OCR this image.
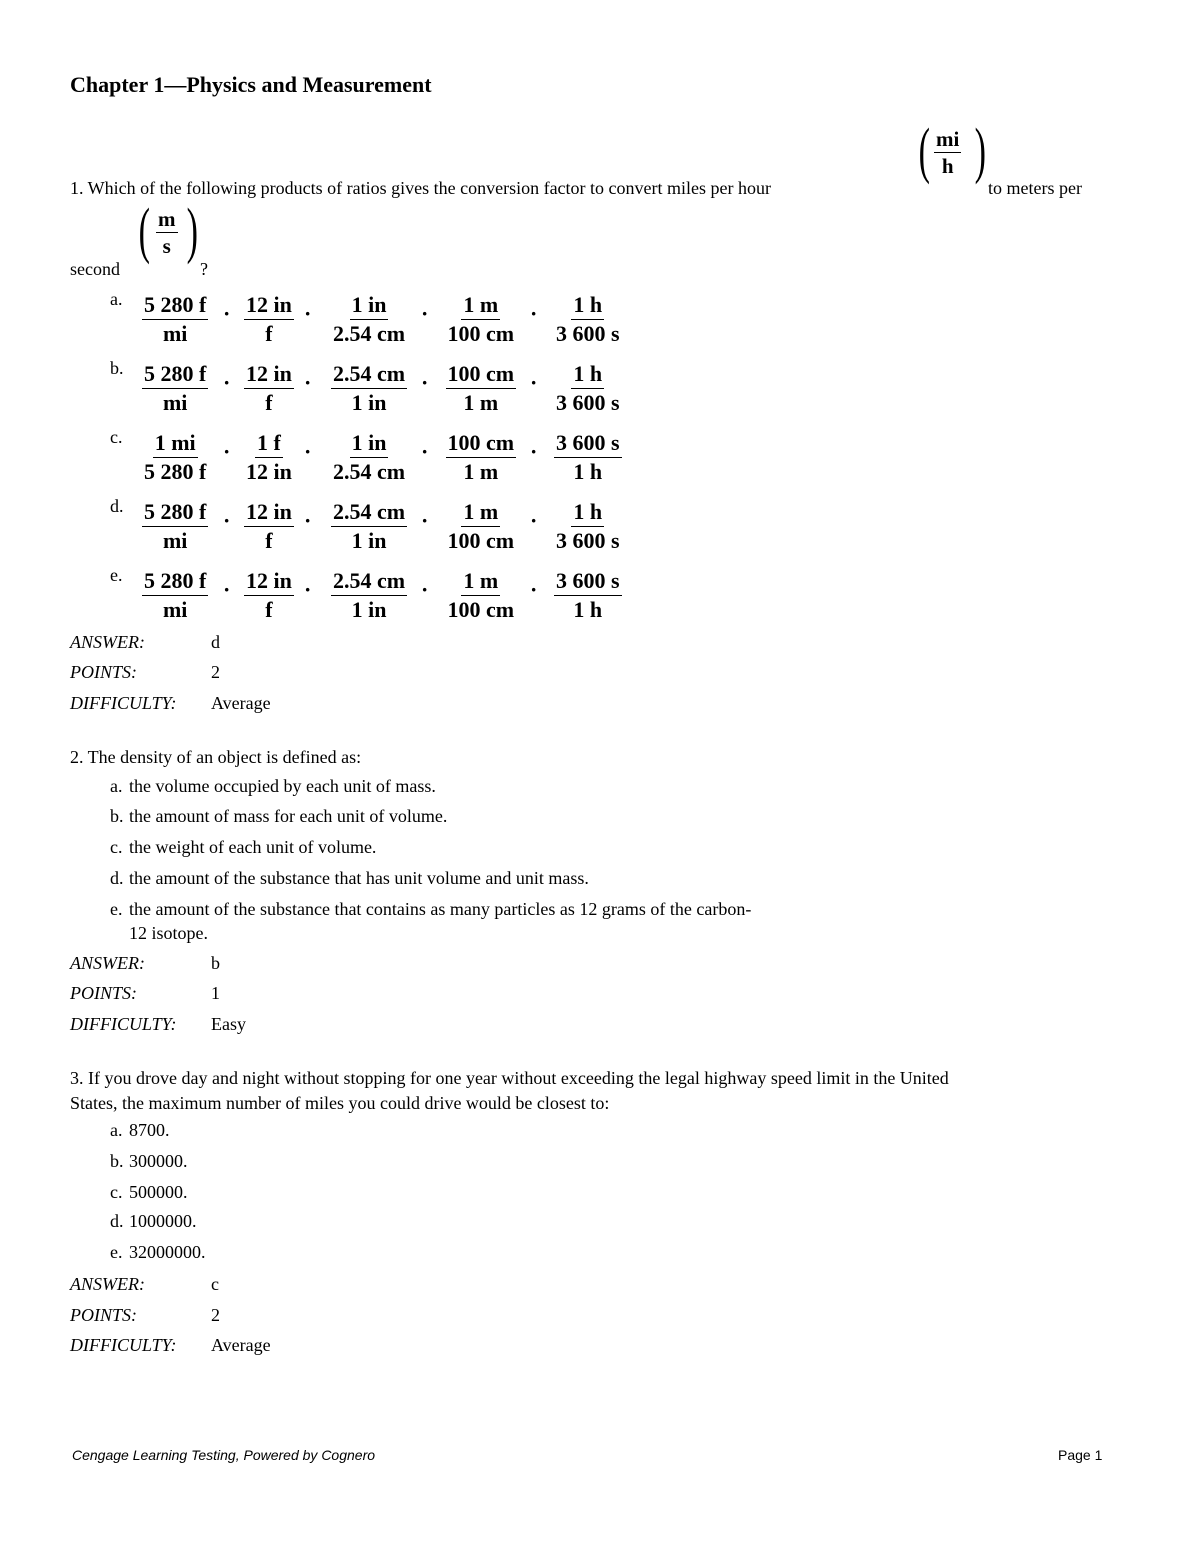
Chapter 1—Physics and Measurement
1. Which of the following products of ratios gives the conversion factor to convert miles per hour
( $\frac{mi}{h}$ )
to meters per
second
( $\frac{m}{s}$ )
?
a. $\frac{5 280 f}{mi} \cdot \frac{12 in}{f} \cdot \frac{1 in}{2.54 cm} \cdot \frac{1 m}{100 cm} \cdot \frac{1 h}{3 600 s}$
b. $\frac{5 280 f}{mi} \cdot \frac{12 in}{f} \cdot \frac{2.54 cm}{1 in} \cdot \frac{100 cm}{1 m} \cdot \frac{1 h}{3 600 s}$
c. $\frac{1 mi}{5 280 f} \cdot \frac{1 f}{12 in} \cdot \frac{1 in}{2.54 cm} \cdot \frac{100 cm}{1 m} \cdot \frac{3 600 s}{1 h}$
d. $\frac{5 280 f}{mi} \cdot \frac{12 in}{f} \cdot \frac{2.54 cm}{1 in} \cdot \frac{1 m}{100 cm} \cdot \frac{1 h}{3 600 s}$
e. $\frac{5 280 f}{mi} \cdot \frac{12 in}{f} \cdot \frac{2.54 cm}{1 in} \cdot \frac{1 m}{100 cm} \cdot \frac{3 600 s}{1 h}$
ANSWER:	d
POINTS:	2
DIFFICULTY: Average
2. The density of an object is defined as:
a. the volume occupied by each unit of mass.
b. the amount of mass for each unit of volume.
c. the weight of each unit of volume.
d. the amount of the substance that has unit volume and unit mass.
e. the amount of the substance that contains as many particles as 12 grams of the carbon-
12 isotope.
ANSWER:	b
POINTS:	1
DIFFICULTY: Easy
3. If you drove day and night without stopping for one year without exceeding the legal highway speed limit in the United
States, the maximum number of miles you could drive would be closest to:
a. 8700.
b. 300000.
c. 500000.
d. 1000000.
e. 32000000.
ANSWER:	c
POINTS:	2
DIFFICULTY: Average
Cengage Learning Testing, Powered by Cognero	Page 1
